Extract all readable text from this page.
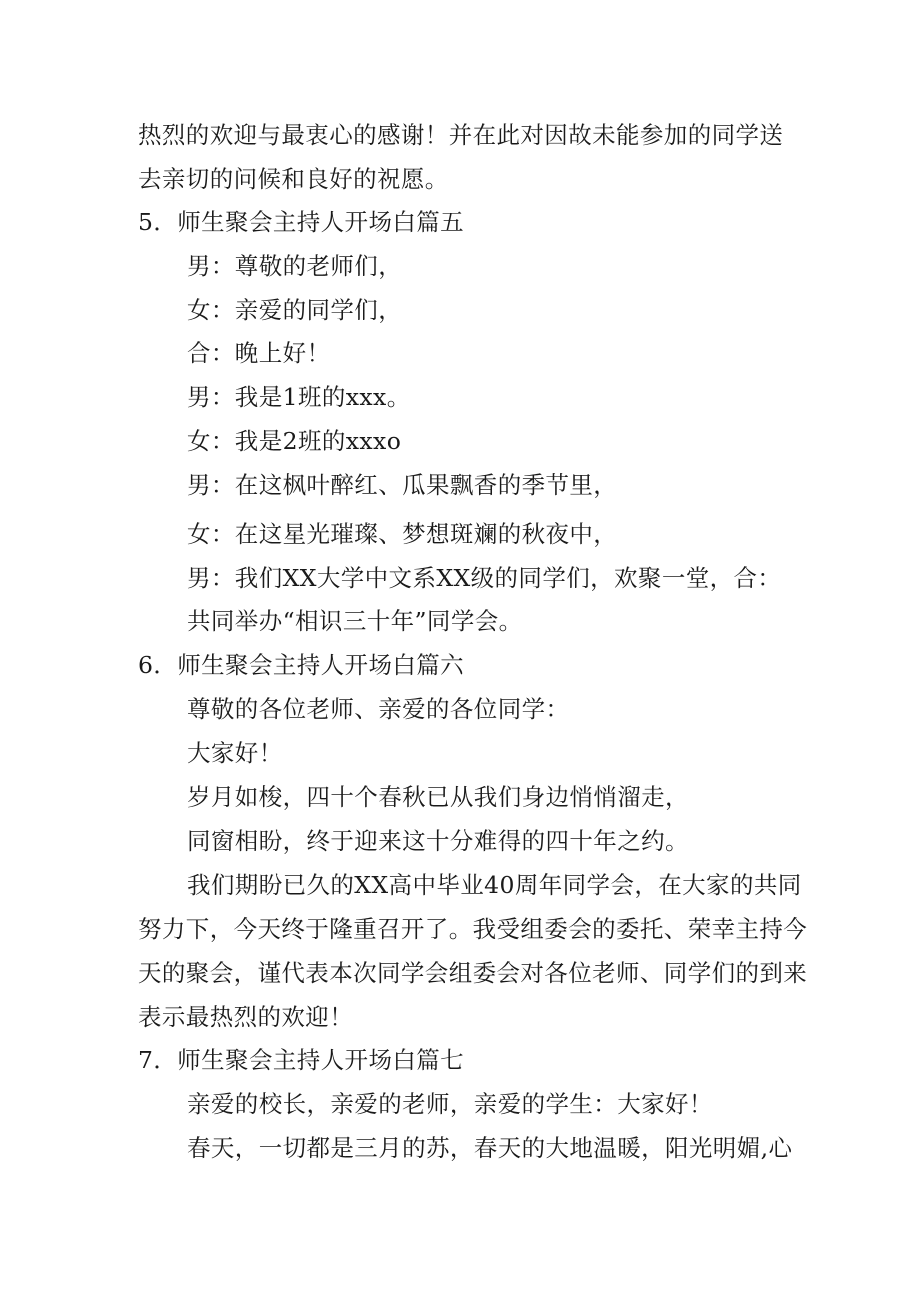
热烈的欢迎与最衷心的感谢！并在此对因故未能参加的同学送
去亲切的问候和良好的祝愿。
5．师生聚会主持人开场白篇五
男：尊敬的老师们，
女：亲爱的同学们，
合：晚上好！
男：我是1班的xxx。
女：我是2班的xxxo
男：在这枫叶醉红、瓜果飘香的季节里，
女：在这星光璀璨、梦想斑斓的秋夜中，
男：我们XX大学中文系XX级的同学们，欢聚一堂，合：
共同举办“相识三十年”同学会。
6．师生聚会主持人开场白篇六
尊敬的各位老师、亲爱的各位同学：
大家好！
岁月如梭，四十个春秋已从我们身边悄悄溜走，
同窗相盼，终于迎来这十分难得的四十年之约。
我们期盼已久的XX高中毕业40周年同学会，在大家的共同
努力下，今天终于隆重召开了。我受组委会的委托、荣幸主持今
天的聚会，谨代表本次同学会组委会对各位老师、同学们的到来
表示最热烈的欢迎！
7．师生聚会主持人开场白篇七
亲爱的校长，亲爱的老师，亲爱的学生：大家好！
春天，一切都是三月的苏，春天的大地温暖，阳光明媚,心
